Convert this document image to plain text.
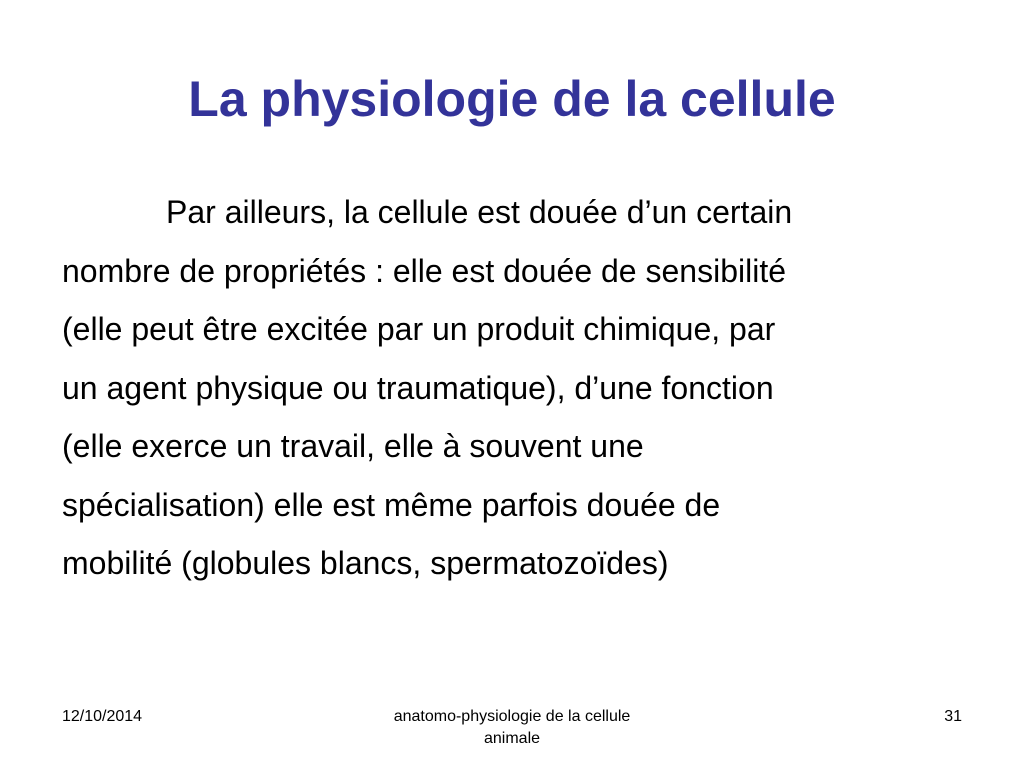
La physiologie de la cellule
Par ailleurs, la cellule est douée d’un certain
nombre de propriétés : elle est douée de sensibilité
(elle peut être excitée par un produit chimique, par
un agent physique ou traumatique), d’une fonction
(elle exerce un travail, elle à souvent une
spécialisation) elle est même parfois douée de
mobilité (globules blancs, spermatozoïdes)
12/10/2014	anatomo-physiologie de la cellule
animale
31
